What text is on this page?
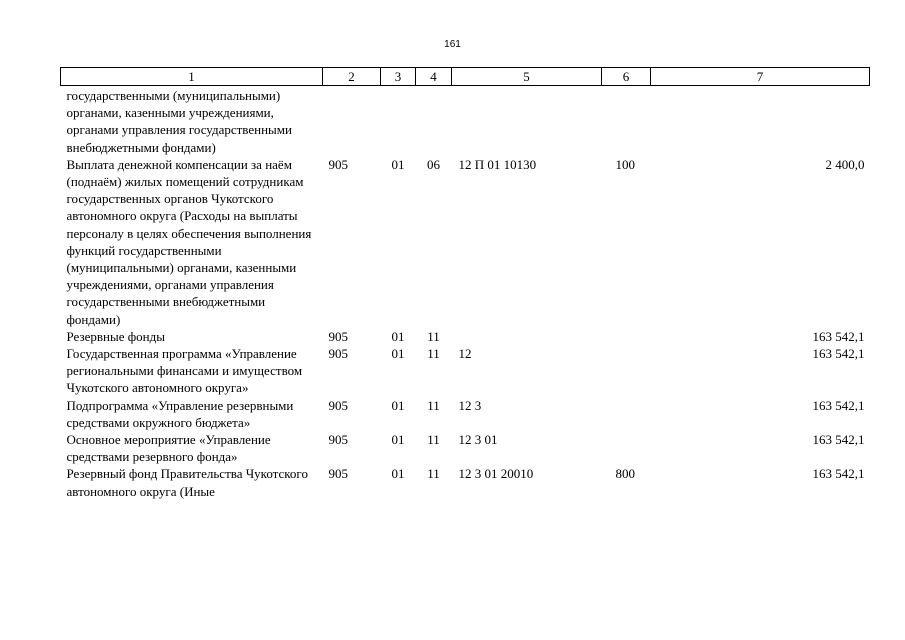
161
1	2	3	4	5	6	7
государственными (муниципальными) органами, казенными учреждениями, органами управления государственными внебюджетными фондами)						
Выплата денежной компенсации за наём (поднаём) жилых помещений сотрудникам государственных органов Чукотского автономного округа (Расходы на выплаты персоналу в целях обеспечения выполнения функций государственными (муниципальными) органами, казенными учреждениями, органами управления государственными внебюджетными фондами)	905	01	06	12 П 01 10130	100	2 400,0
Резервные фонды	905	01	11			163 542,1
Государственная программа «Управление региональными финансами и имуществом Чукотского автономного округа»	905	01	11	12		163 542,1
Подпрограмма «Управление резервными средствами окружного бюджета»	905	01	11	12 3		163 542,1
Основное мероприятие «Управление средствами резервного фонда»	905	01	11	12 3 01		163 542,1
Резервный фонд Правительства Чукотского автономного округа (Иные	905	01	11	12 3 01 20010	800	163 542,1
